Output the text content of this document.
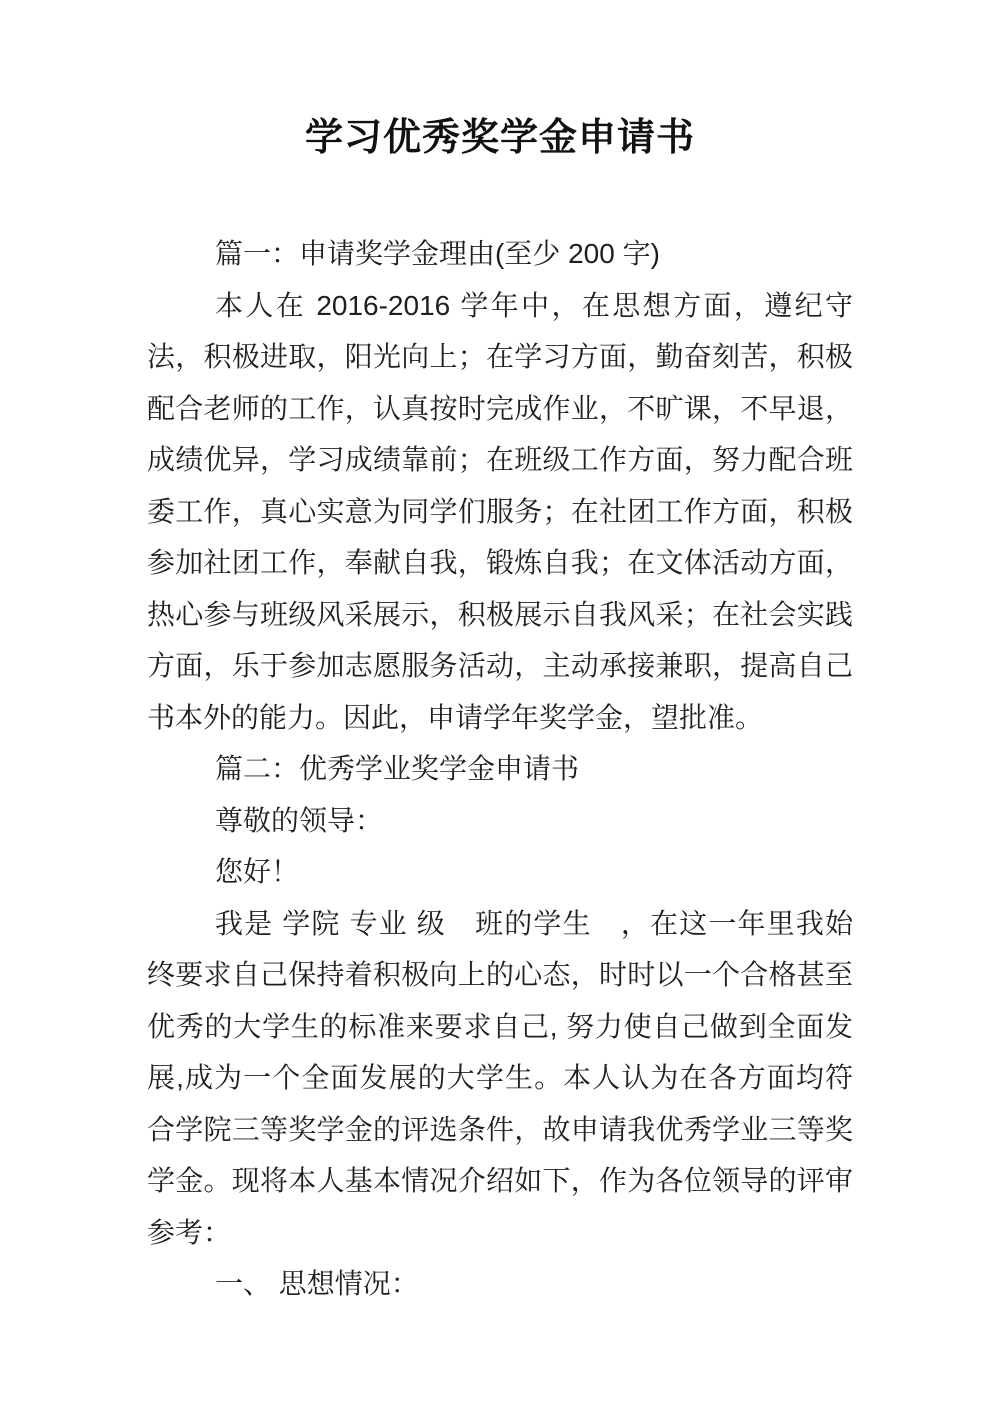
学习优秀奖学金申请书

篇一：申请奖学金理由(至少 200 字)

本人在 2016-2016 学年中，在思想方面，遵纪守法，积极进取，阳光向上；在学习方面，勤奋刻苦，积极配合老师的工作，认真按时完成作业，不旷课，不早退，成绩优异，学习成绩靠前；在班级工作方面，努力配合班委工作，真心实意为同学们服务；在社团工作方面，积极参加社团工作，奉献自我，锻炼自我；在文体活动方面，热心参与班级风采展示，积极展示自我风采；在社会实践方面，乐于参加志愿服务活动，主动承接兼职，提高自己书本外的能力。因此，申请学年奖学金，望批准。

篇二：优秀学业奖学金申请书

尊敬的领导：

您好！

我是 学院 专业 级　班的学生　，在这一年里我始终要求自己保持着积极向上的心态，时时以一个合格甚至优秀的大学生的标准来要求自己, 努力使自己做到全面发展,成为一个全面发展的大学生。本人认为在各方面均符合学院三等奖学金的评选条件，故申请我优秀学业三等奖学金。现将本人基本情况介绍如下，作为各位领导的评审参考：

一、 思想情况：
